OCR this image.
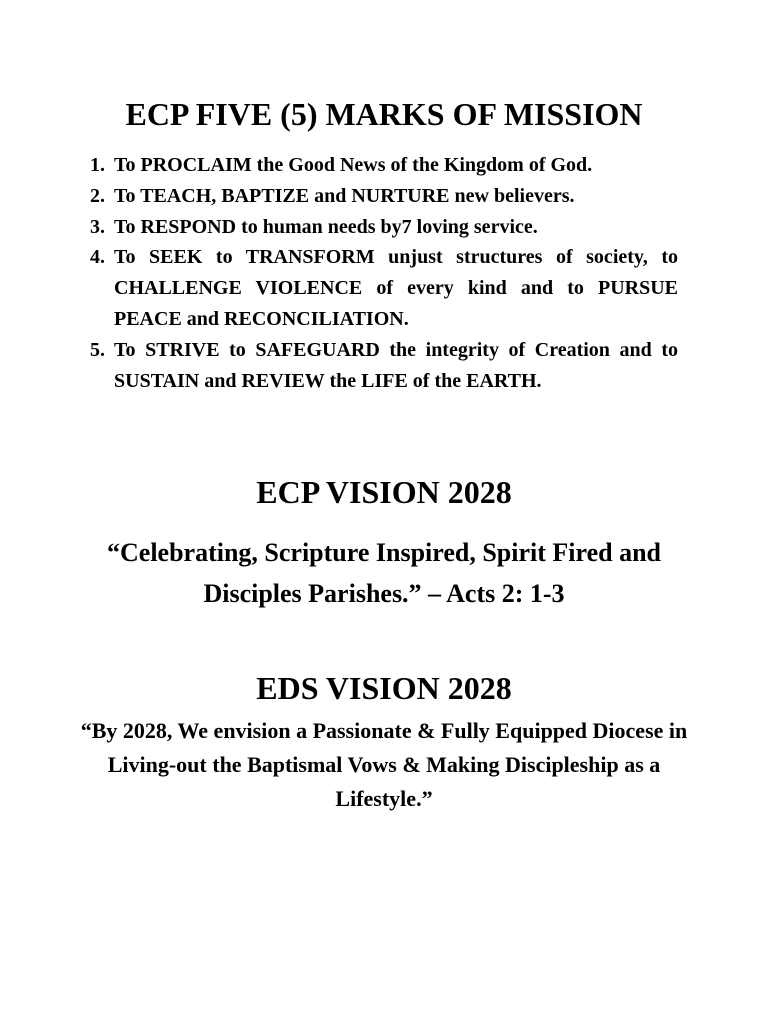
ECP FIVE (5) MARKS OF MISSION
1. To PROCLAIM the Good News of the Kingdom of God.
2. To TEACH, BAPTIZE and NURTURE new believers.
3. To RESPOND to human needs by7 loving service.
4. To SEEK to TRANSFORM unjust structures of society, to CHALLENGE VIOLENCE of every kind and to PURSUE PEACE and RECONCILIATION.
5. To STRIVE to SAFEGUARD the integrity of Creation and to SUSTAIN and REVIEW the LIFE of the EARTH.
ECP VISION 2028

“Celebrating, Scripture Inspired, Spirit Fired and Disciples Parishes.” – Acts 2: 1-3

EDS VISION 2028

“By 2028, We envision a Passionate & Fully Equipped Diocese in Living-out the Baptismal Vows & Making Discipleship as a Lifestyle.”
